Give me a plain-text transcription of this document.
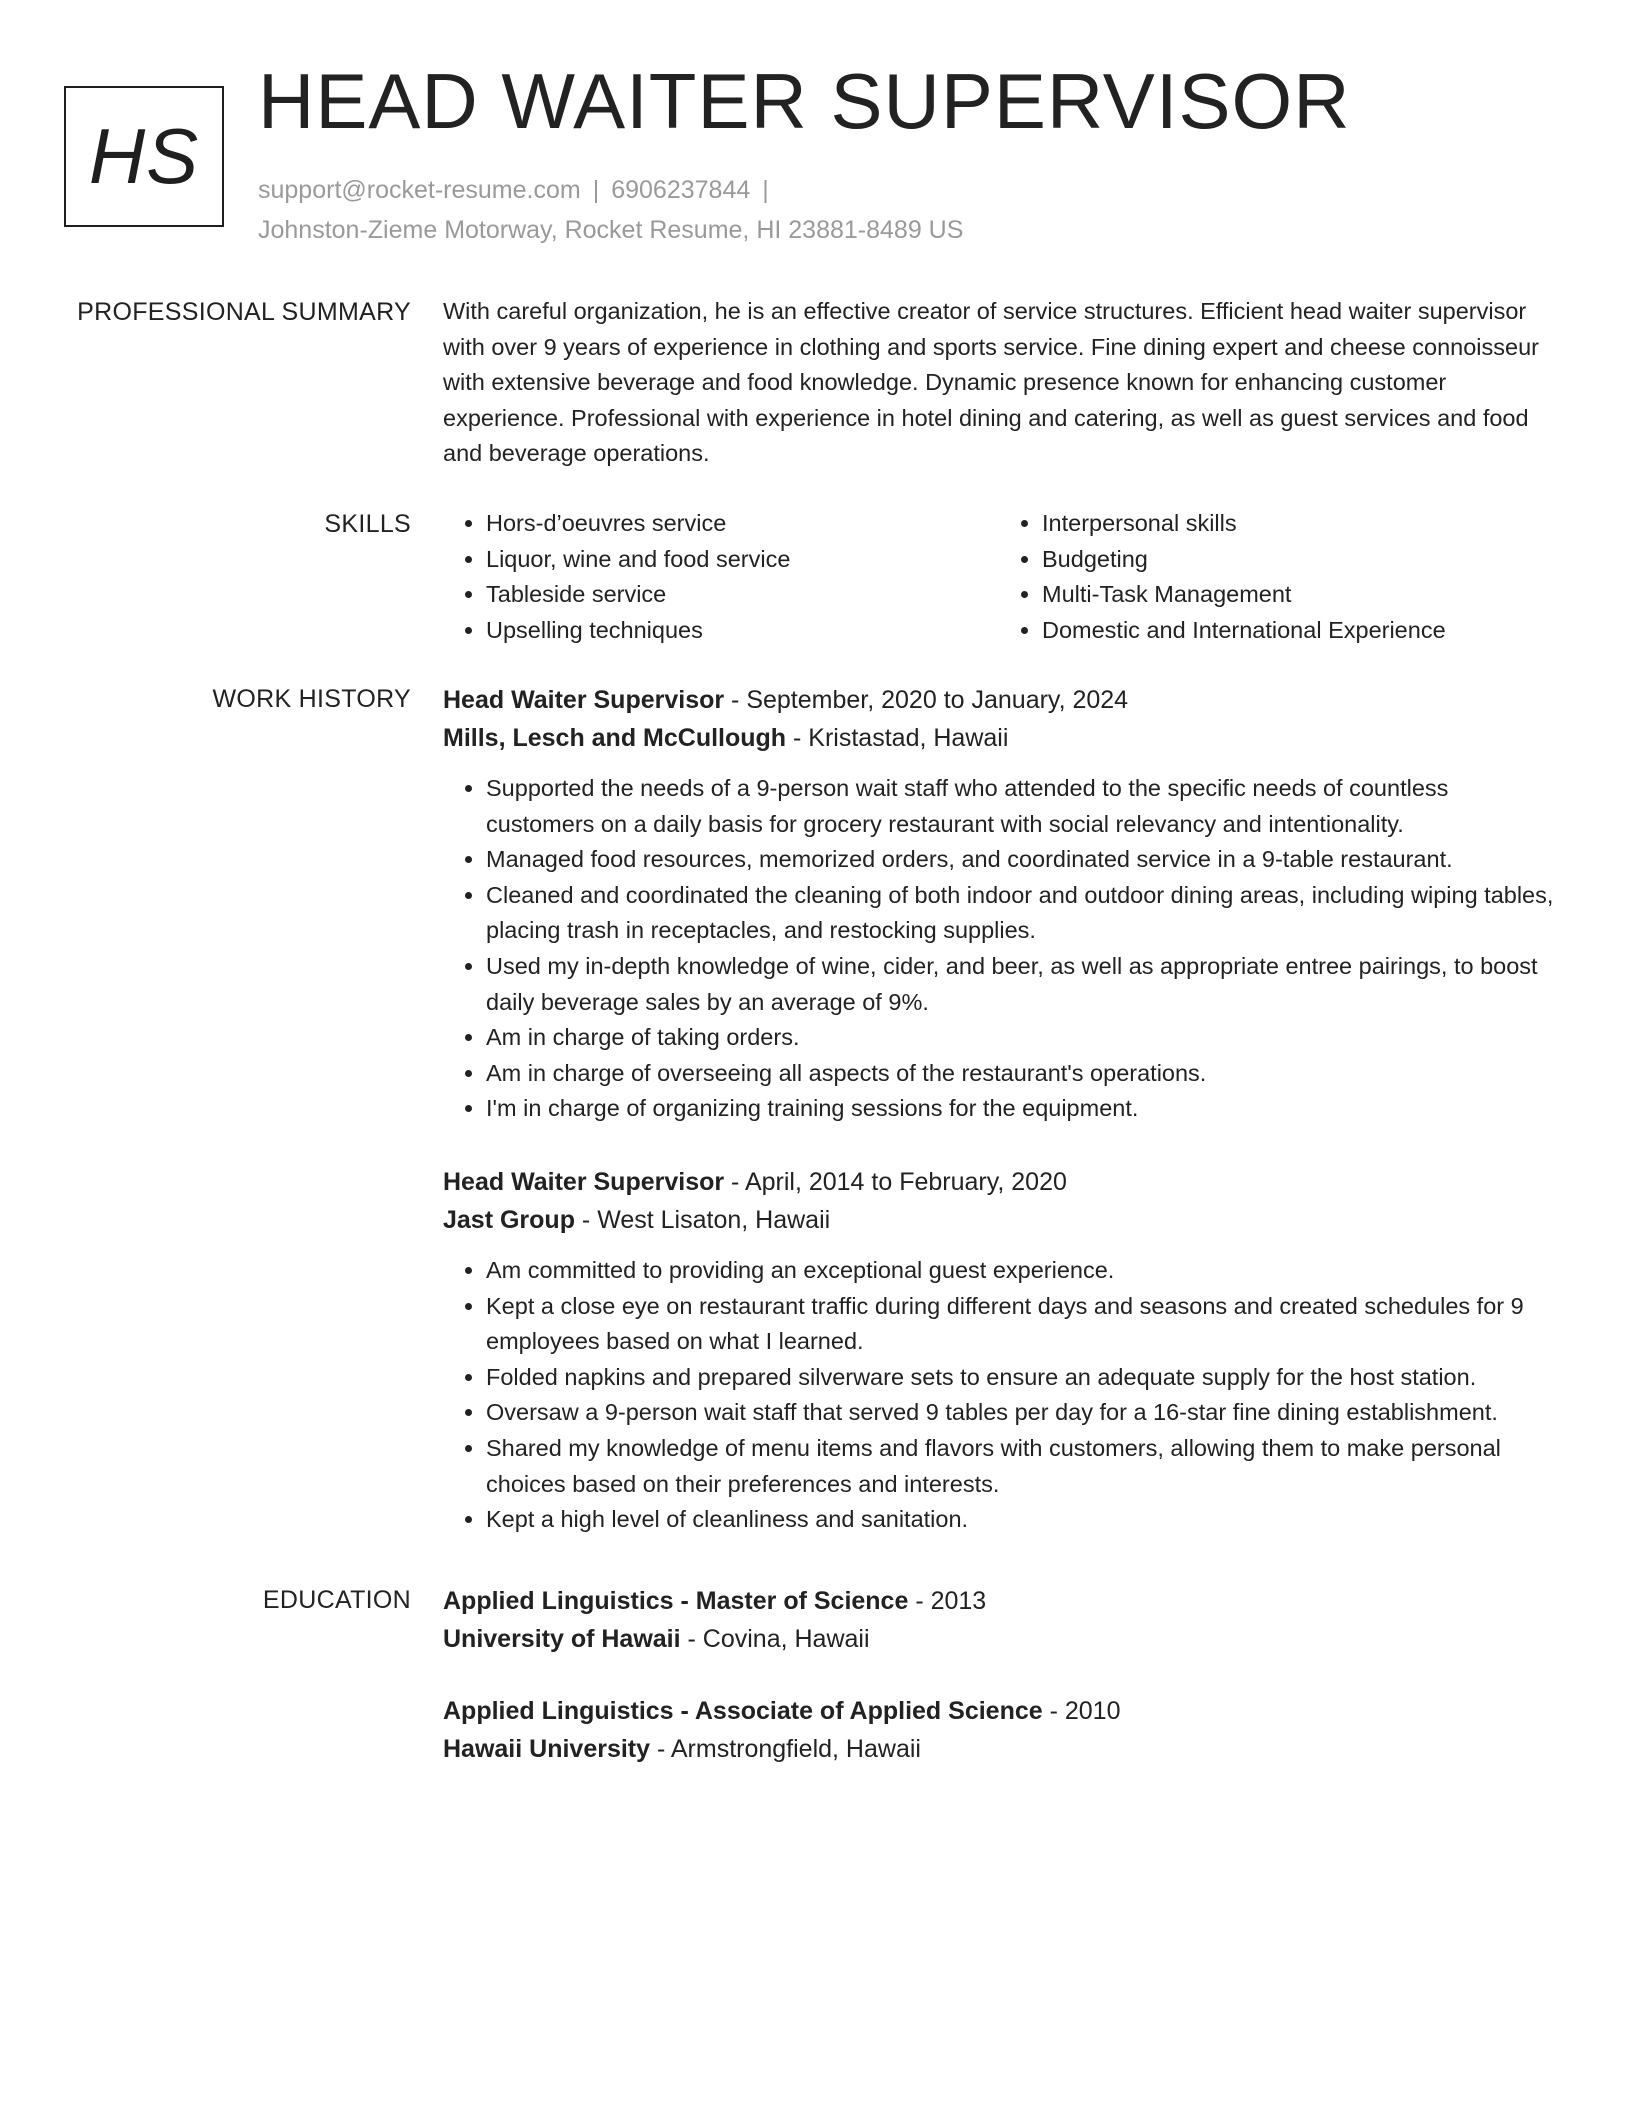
HS
HEAD WAITER SUPERVISOR
support@rocket-resume.com | 6906237844 |
Johnston-Zieme Motorway, Rocket Resume, HI 23881-8489 US
PROFESSIONAL SUMMARY With careful organization, he is an effective creator of service structures. Efficient head waiter supervisor with over 9 years of experience in clothing and sports service. Fine dining expert and cheese connoisseur with extensive beverage and food knowledge. Dynamic presence known for enhancing customer experience. Professional with experience in hotel dining and catering, as well as guest services and food and beverage operations.

SKILLS
•	Hors-d’oeuvres service
• Liquor, wine and food service
• Tableside service
• Upselling techniques
• Interpersonal skills
• Budgeting
• Multi-Task Management
• Domestic and International Experience
WORK HISTORY Head Waiter Supervisor - September, 2020 to January, 2024
Mills, Lesch and McCullough - Kristastad, Hawaii
• Supported the needs of a 9-person wait staff who attended to the specific needs of countless customers on a daily basis for grocery restaurant with social relevancy and intentionality.
• Managed food resources, memorized orders, and coordinated service in a 9-table restaurant.
• Cleaned and coordinated the cleaning of both indoor and outdoor dining areas, including wiping tables, placing trash in receptacles, and restocking supplies.
• Used my in-depth knowledge of wine, cider, and beer, as well as appropriate entree pairings, to boost daily beverage sales by an average of 9%.
• Am in charge of taking orders.
• Am in charge of overseeing all aspects of the restaurant's operations.
• I'm in charge of organizing training sessions for the equipment.
Head Waiter Supervisor - April, 2014 to February, 2020
Jast Group - West Lisaton, Hawaii
• Am committed to providing an exceptional guest experience.
• Kept a close eye on restaurant traffic during different days and seasons and created schedules for 9 employees based on what I learned.
• Folded napkins and prepared silverware sets to ensure an adequate supply for the host station.
• Oversaw a 9-person wait staff that served 9 tables per day for a 16-star fine dining establishment.
• Shared my knowledge of menu items and flavors with customers, allowing them to make personal choices based on their preferences and interests.
• Kept a high level of cleanliness and sanitation.
EDUCATION Applied Linguistics - Master of Science - 2013
University of Hawaii - Covina, Hawaii
Applied Linguistics - Associate of Applied Science - 2010
Hawaii University - Armstrongfield, Hawaii
